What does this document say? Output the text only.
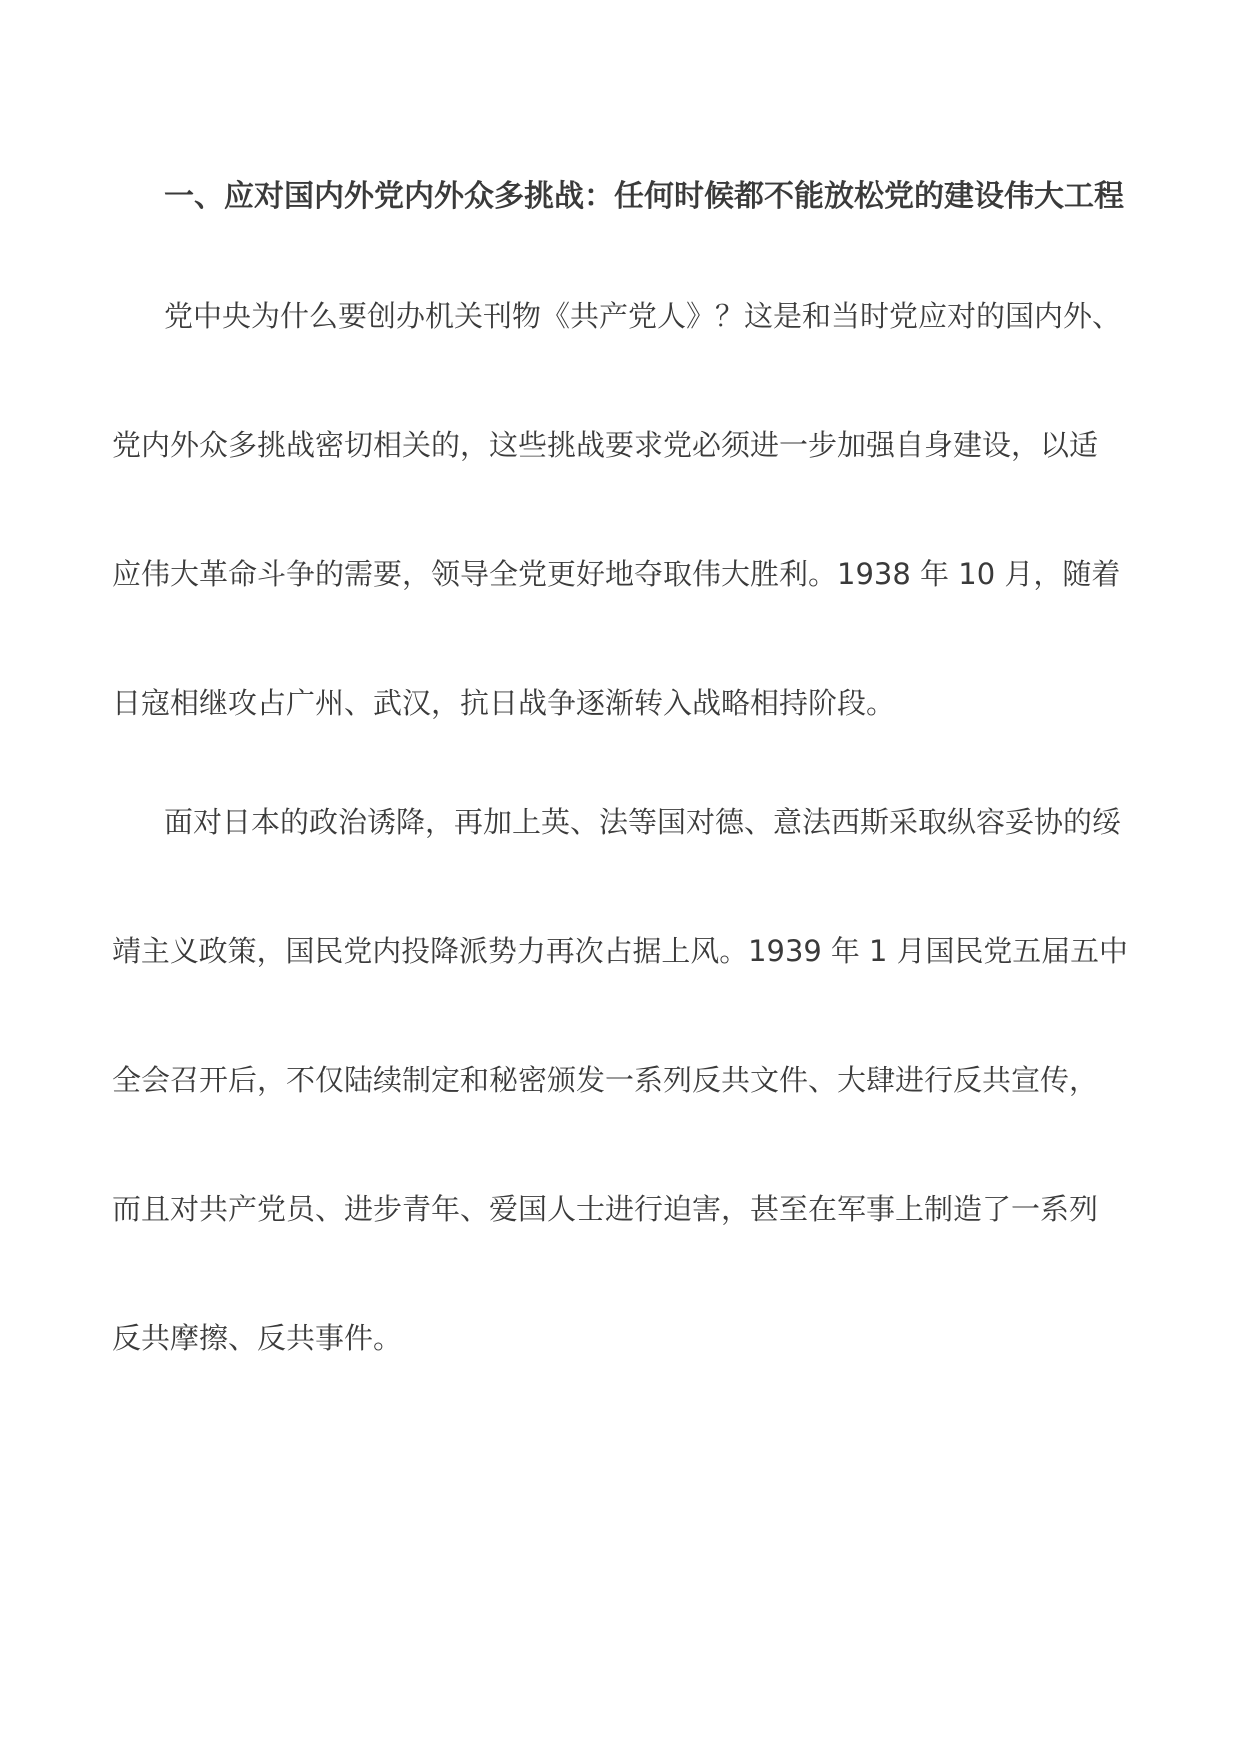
一、应对国内外党内外众多挑战：任何时候都不能放松党的建设伟大工程
党中央为什么要创办机关刊物《共产党人》？这是和当时党应对的国内外、
党内外众多挑战密切相关的，这些挑战要求党必须进一步加强自身建设，以适
应伟大革命斗争的需要，领导全党更好地夺取伟大胜利。1938 年 10 月，随着
日寇相继攻占广州、武汉，抗日战争逐渐转入战略相持阶段。
面对日本的政治诱降，再加上英、法等国对德、意法西斯采取纵容妥协的绥
靖主义政策，国民党内投降派势力再次占据上风。1939 年 1 月国民党五届五中
全会召开后，不仅陆续制定和秘密颁发一系列反共文件、大肆进行反共宣传，
而且对共产党员、进步青年、爱国人士进行迫害，甚至在军事上制造了一系列
反共摩擦、反共事件。
